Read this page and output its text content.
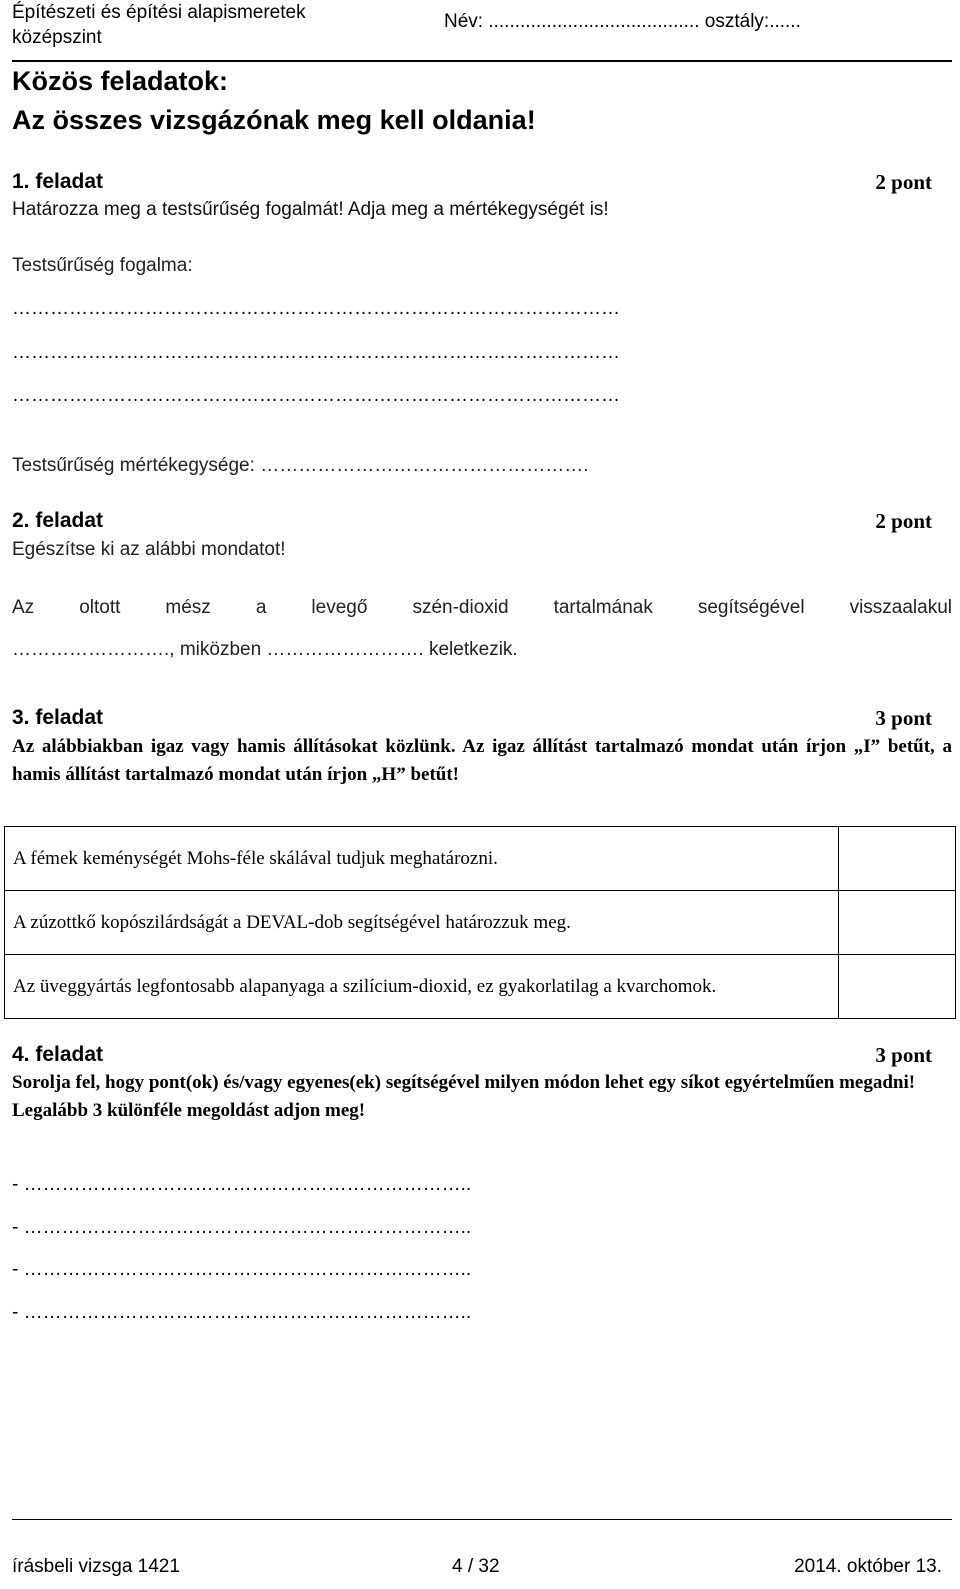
Építészeti és építési alapismeretek
középszint
Név: ........................................ osztály:......
Közös feladatok:
Az összes vizsgázónak meg kell oldania!
1. feladat	2 pont
Határozza meg a testsűrűség fogalmát! Adja meg a mértékegységét is!
Testsűrűség fogalma:
……………………………………………………………………………………
……………………………………………………………………………………
……………………………………………………………………………………
Testsűrűség mértékegysége: …………………………………………….
2. feladat	2 pont
Egészítse ki az alábbi mondatot!
Az oltott mész a levegő szén-dioxid tartalmának segítségével visszaalakul
……………………., miközben ……………………. keletkezik.
3. feladat	3 pont
Az alábbiakban igaz vagy hamis állításokat közlünk. Az igaz állítást tartalmazó mondat után írjon „I” betűt, a hamis állítást tartalmazó mondat után írjon „H” betűt!
A fémek keménységét Mohs-féle skálával tudjuk meghatározni.	
A zúzottkő kopószilárdságát a DEVAL-dob segítségével határozzuk meg.	
Az üveggyártás legfontosabb alapanyaga a szilícium-dioxid, ez gyakorlatilag a kvarchomok.	
4. feladat	3 pont
Sorolja fel, hogy pont(ok) és/vagy egyenes(ek) segítségével milyen módon lehet egy síkot egyértelműen megadni! Legalább 3 különféle megoldást adjon meg!
- ……………………………………………………………..
- ……………………………………………………………..
- ……………………………………………………………..
- ……………………………………………………………..
írásbeli vizsga 1421	4 / 32	2014. október 13.
